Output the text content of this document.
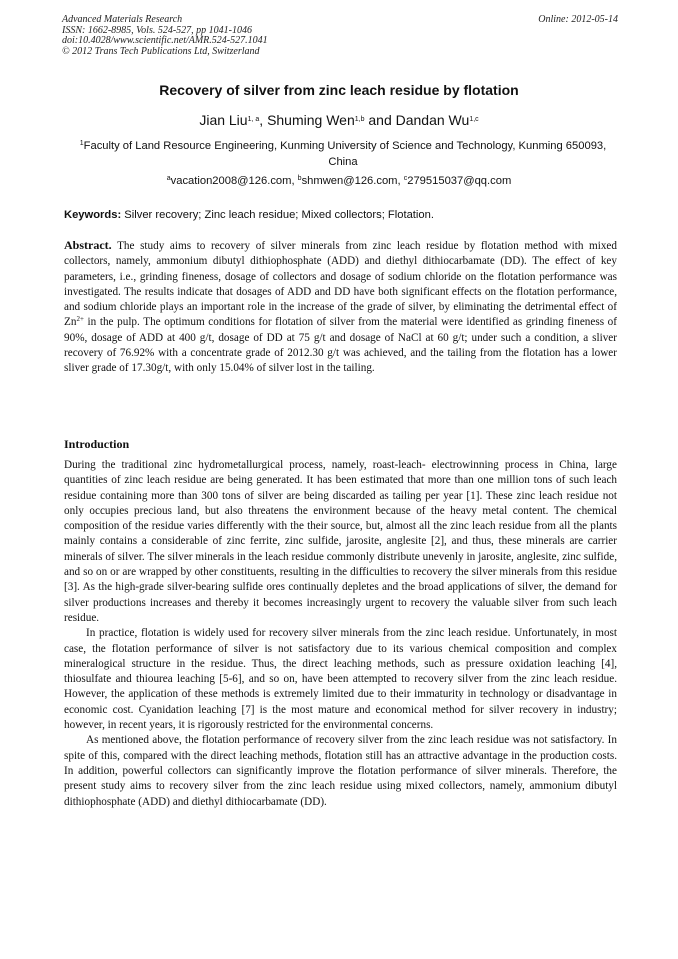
Advanced Materials Research
ISSN: 1662-8985, Vols. 524-527, pp 1041-1046
doi:10.4028/www.scientific.net/AMR.524-527.1041
© 2012 Trans Tech Publications Ltd, Switzerland
Online: 2012-05-14
Recovery of silver from zinc leach residue by flotation
Jian Liu$^{1, a}$, Shuming Wen$^{1,b}$ and Dandan Wu$^{1,c}$
$^1$Faculty of Land Resource Engineering, Kunming University of Science and Technology, Kunming 650093, China
$^a$vacation2008@126.com, $^b$shmwen@126.com, $^c$279515037@qq.com
Keywords: Silver recovery; Zinc leach residue; Mixed collectors; Flotation.
Abstract. The study aims to recovery of silver minerals from zinc leach residue by flotation method with mixed collectors, namely, ammonium dibutyl dithiophosphate (ADD) and diethyl dithiocarbamate (DD). The effect of key parameters, i.e., grinding fineness, dosage of collectors and dosage of sodium chloride on the flotation performance was investigated. The results indicate that dosages of ADD and DD have both significant effects on the flotation performance, and sodium chloride plays an important role in the increase of the grade of silver, by eliminating the detrimental effect of $Zn^{2+}$ in the pulp. The optimum conditions for flotation of silver from the material were identified as grinding fineness of 90%, dosage of ADD at 400 g/t, dosage of DD at 75 g/t and dosage of NaCl at 60 g/t; under such a condition, a sliver recovery of 76.92% with a concentrate grade of 2012.30 g/t was achieved, and the tailing from the flotation has a lower sliver grade of 17.30g/t, with only 15.04% of silver lost in the tailing.
Introduction

During the traditional zinc hydrometallurgical process, namely, roast-leach- electrowinning process in China, large quantities of zinc leach residue are being generated. It has been estimated that more than one million tons of such leach residue containing more than 300 tons of silver are being discarded as tailing per year [1]. These zinc leach residue not only occupies precious land, but also threatens the environment because of the heavy metal content. The chemical composition of the residue varies differently with the their source, but, almost all the zinc leach residue from all the plants mainly contains a considerable of zinc ferrite, zinc sulfide, jarosite, anglesite [2], and thus, these minerals are carrier minerals of silver. The silver minerals in the leach residue commonly distribute unevenly in jarosite, anglesite, zinc sulfide, and so on or are wrapped by other constituents, resulting in the difficulties to recovery the silver minerals from this residue [3]. As the high-grade silver-bearing sulfide ores continually depletes and the broad applications of silver, the demand for silver productions increases and thereby it becomes increasingly urgent to recovery the valuable silver from such leach residue.

In practice, flotation is widely used for recovery silver minerals from the zinc leach residue. Unfortunately, in most case, the flotation performance of silver is not satisfactory due to its various chemical composition and complex mineralogical structure in the residue. Thus, the direct leaching methods, such as pressure oxidation leaching [4], thiosulfate and thiourea leaching [5-6], and so on, have been attempted to recovery silver from the zinc leach residue. However, the application of these methods is extremely limited due to their immaturity in technology or disadvantage in economic cost. Cyanidation leaching [7] is the most mature and economical method for silver recovery in industry; however, in recent years, it is rigorously restricted for the environmental concerns.

As mentioned above, the flotation performance of recovery silver from the zinc leach residue was not satisfactory. In spite of this, compared with the direct leaching methods, flotation still has an attractive advantage in the production costs. In addition, powerful collectors can significantly improve the flotation performance of silver minerals. Therefore, the present study aims to recovery silver from the zinc leach residue using mixed collectors, namely, ammonium dibutyl dithiophosphate (ADD) and diethyl dithiocarbamate (DD).
